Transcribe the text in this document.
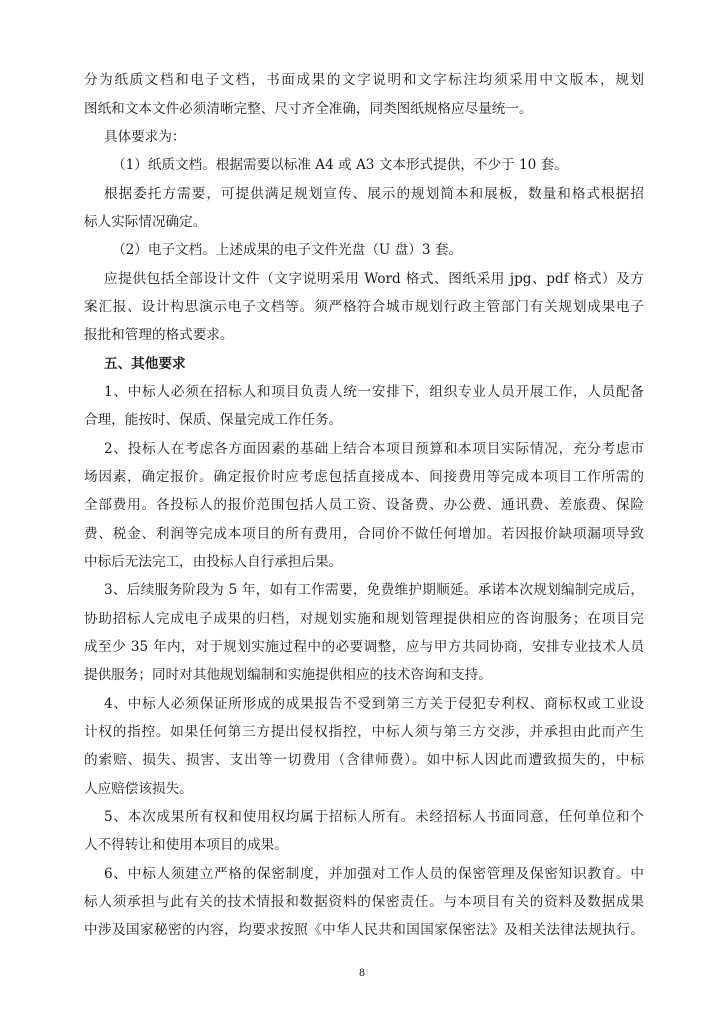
分为纸质文档和电子文档，书面成果的文字说明和文字标注均须采用中文版本，规划
图纸和文本文件必须清晰完整、尺寸齐全准确，同类图纸规格应尽量统一。
具体要求为：
（1）纸质文档。根据需要以标准 A4 或 A3 文本形式提供，不少于 10 套。
根据委托方需要，可提供满足规划宣传、展示的规划简本和展板，数量和格式根据招
标人实际情况确定。
（2）电子文档。上述成果的电子文件光盘（U 盘）3 套。
应提供包括全部设计文件（文字说明采用 Word 格式、图纸采用 jpg、pdf 格式）及方
案汇报、设计构思演示电子文档等。须严格符合城市规划行政主管部门有关规划成果电子
报批和管理的格式要求。
五、其他要求
1、中标人必须在招标人和项目负责人统一安排下，组织专业人员开展工作，人员配备
合理，能按时、保质、保量完成工作任务。
2、投标人在考虑各方面因素的基础上结合本项目预算和本项目实际情况，充分考虑市
场因素，确定报价。确定报价时应考虑包括直接成本、间接费用等完成本项目工作所需的
全部费用。各投标人的报价范围包括人员工资、设备费、办公费、通讯费、差旅费、保险
费、税金、利润等完成本项目的所有费用，合同价不做任何增加。若因报价缺项漏项导致
中标后无法完工，由投标人自行承担后果。
3、后续服务阶段为 5 年，如有工作需要，免费维护期顺延。承诺本次规划编制完成后，
协助招标人完成电子成果的归档，对规划实施和规划管理提供相应的咨询服务；在项目完
成至少 35 年内，对于规划实施过程中的必要调整，应与甲方共同协商，安排专业技术人员
提供服务；同时对其他规划编制和实施提供相应的技术咨询和支持。
4、中标人必须保证所形成的成果报告不受到第三方关于侵犯专利权、商标权或工业设
计权的指控。如果任何第三方提出侵权指控，中标人须与第三方交涉，并承担由此而产生
的索赔、损失、损害、支出等一切费用（含律师费）。如中标人因此而遭致损失的，中标
人应赔偿该损失。
5、本次成果所有权和使用权均属于招标人所有。未经招标人书面同意，任何单位和个
人不得转让和使用本项目的成果。
6、中标人须建立严格的保密制度，并加强对工作人员的保密管理及保密知识教育。中
标人须承担与此有关的技术情报和数据资料的保密责任。与本项目有关的资料及数据成果
中涉及国家秘密的内容，均要求按照《中华人民共和国国家保密法》及相关法律法规执行。
8
